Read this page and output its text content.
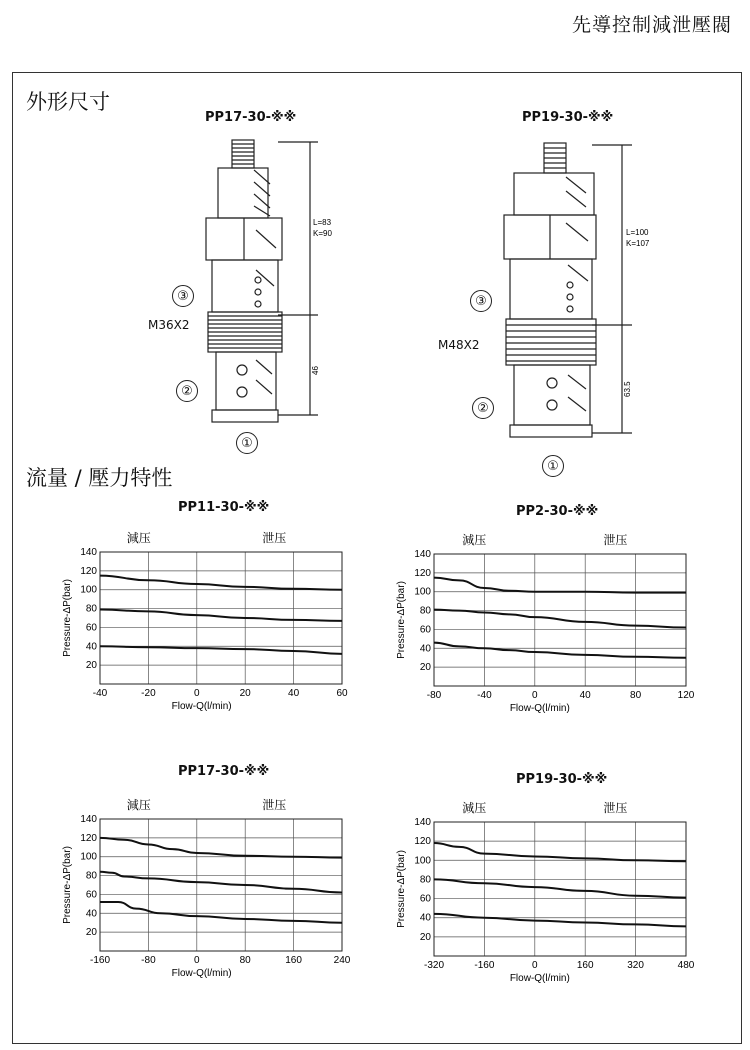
先導控制減泄壓閥
外形尺寸
PP17-30-※※
L=83
K=90
46
③
M36X2
②
①
PP19-30-※※
L=100
K=107
63.5
③
M48X2
②
①
流量 / 壓力特性
PP11-30-※※
減压	泄压
20
40
60
80
100
120
140
-40	-20	0	20	40	60
Flow-Q(l/min)
Pressure-ΔP(bar)
PP2-30-※※
減压	泄压
20
40
60
80
100
120
140
-80	-40	0	40	80	120
Flow-Q(l/min)
Pressure-ΔP(bar)
PP17-30-※※
減压	泄压
20
40
60
80
100
120
140
-160	-80	0	80	160	240
Flow-Q(l/min)
Pressure-ΔP(bar)
PP19-30-※※
減压	泄压
20
40
60
80
100
120
140
-320	-160	0	160	320	480
Flow-Q(l/min)
Pressure-ΔP(bar)
